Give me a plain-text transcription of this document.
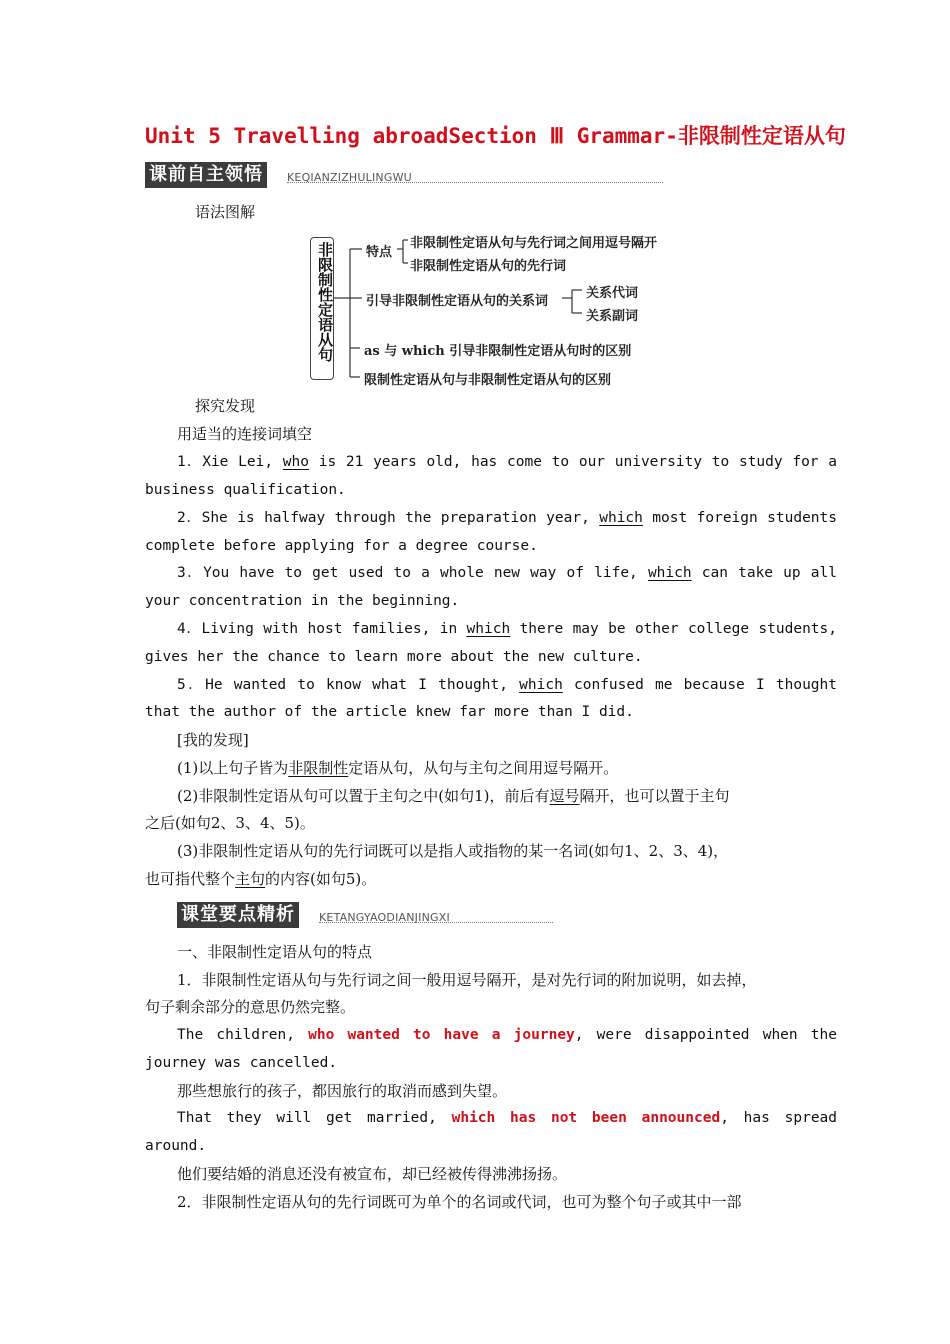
Unit 5 Travelling abroadSection Ⅲ Grammar-非限制性定语从句
课前自主领悟	KEQIANZIZHULINGWU
语法图解
非限制性定语从句 特点
非限制性定语从句与先行词之间用逗号隔开
非限制性定语从句的先行词
引导非限制性定语从句的关系词
关系代词
关系副词
as 与 which 引导非限制性定语从句时的区别
限制性定语从句与非限制性定语从句的区别
探究发现
用适当的连接词填空
1．Xie Lei, who is 21 years old, has come to our university to study for a
business qualification.
2．She is halfway through the preparation year, which most foreign students
complete before applying for a degree course.
3．You have to get used to a whole new way of life, which can take up all
your concentration in the beginning.
4．Living with host families, in which there may be other college students,
gives her the chance to learn more about the new culture.
5．He wanted to know what I thought, which confused me because I thought
that the author of the article knew far more than I did.
[我的发现]
(1)以上句子皆为非限制性定语从句，从句与主句之间用逗号隔开。
(2)非限制性定语从句可以置于主句之中(如句1)，前后有逗号隔开，也可以置于主句
之后(如句2、3、4、5)。
(3)非限制性定语从句的先行词既可以是指人或指物的某一名词(如句1、2、3、4)，
也可指代整个主句的内容(如句5)。
课堂要点精析	KETANGYAODIANJINGXI
一、非限制性定语从句的特点
1．非限制性定语从句与先行词之间一般用逗号隔开，是对先行词的附加说明，如去掉，
句子剩余部分的意思仍然完整。
The children, who wanted to have a journey, were disappointed when the
journey was cancelled.
那些想旅行的孩子，都因旅行的取消而感到失望。
That they will get married, which has not been announced, has spread
around.
他们要结婚的消息还没有被宣布，却已经被传得沸沸扬扬。
2．非限制性定语从句的先行词既可为单个的名词或代词，也可为整个句子或其中一部
